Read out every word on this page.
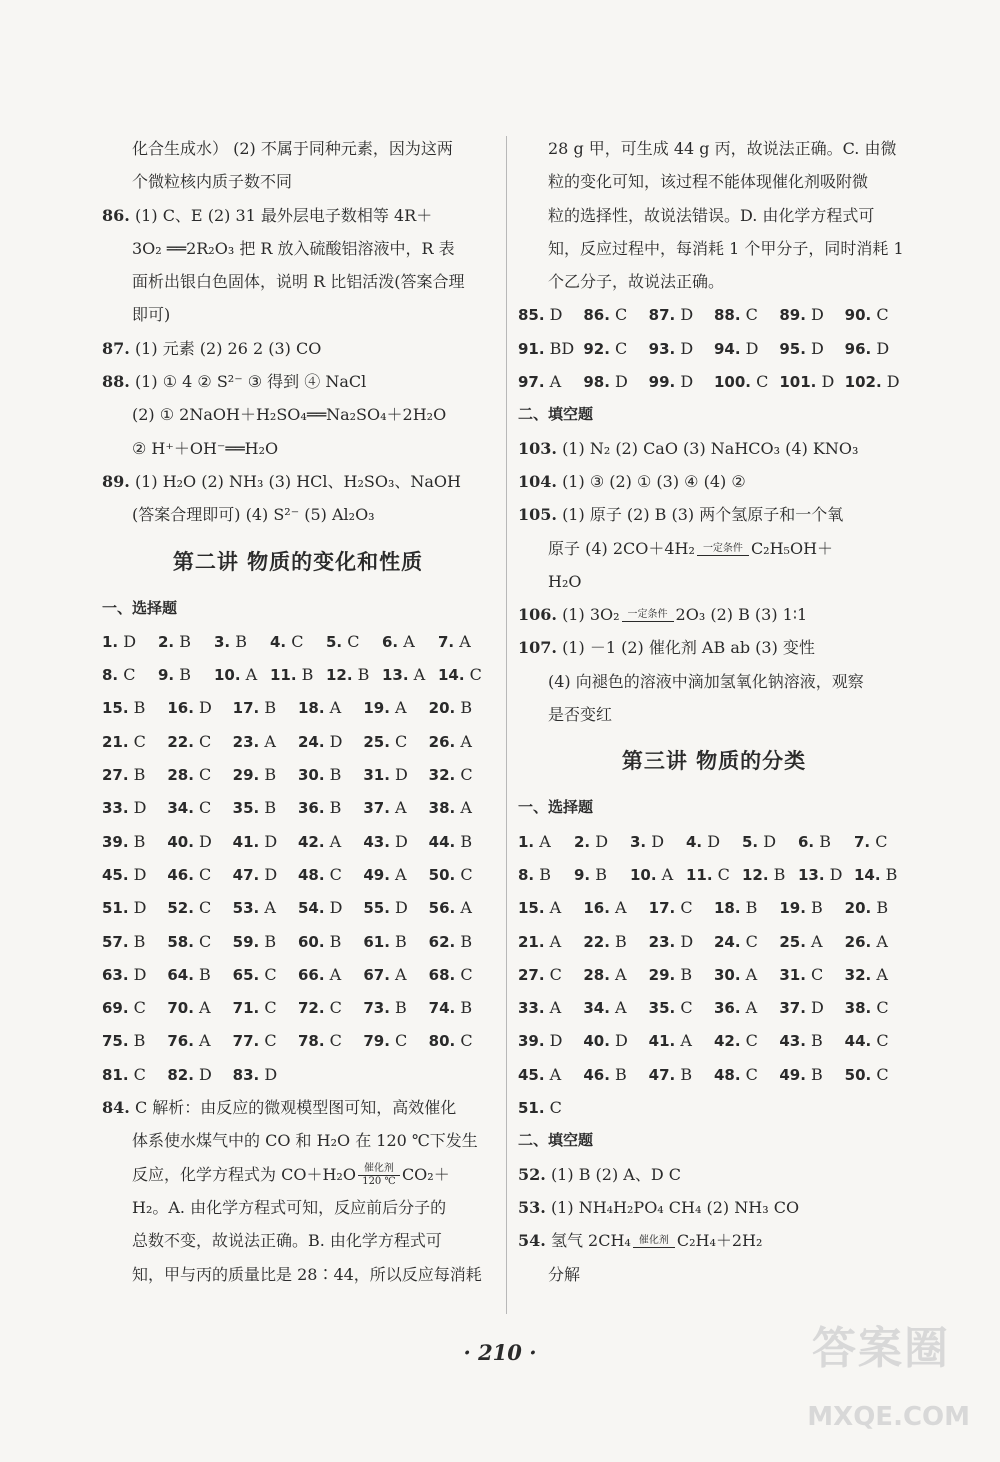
化合生成水） (2) 不属于同种元素，因为这两
个微粒核内质子数不同
86. (1) C、E (2) 31 最外层电子数相等 4R＋
3O₂ ══2R₂O₃ 把 R 放入硫酸铝溶液中，R 表
面析出银白色固体，说明 R 比铝活泼(答案合理
即可)
87. (1) 元素 (2) 26 2 (3) CO
88. (1) ① 4 ② S²⁻ ③ 得到 ④ NaCl
(2) ① 2NaOH＋H₂SO₄══Na₂SO₄＋2H₂O
② H⁺＋OH⁻══H₂O
89. (1) H₂O (2) NH₃ (3) HCl、H₂SO₃、NaOH
(答案合理即可) (4) S²⁻ (5) Al₂O₃
第二讲 物质的变化和性质
一、选择题
1. D	2. B	3. B	4. C	5. C	6. A	7. A
8. C	9. B	10. A 11. B 12. B 13. A 14. C
15. B	16. D	17. B	18. A	19. A	20. B
21. C	22. C	23. A	24. D	25. C	26. A
27. B	28. C	29. B	30. B	31. D	32. C
33. D	34. C	35. B	36. B	37. A	38. A
39. B	40. D	41. D	42. A	43. D	44. B
45. D	46. C	47. D	48. C	49. A	50. C
51. D	52. C	53. A	54. D	55. D	56. A
57. B	58. C	59. B	60. B	61. B	62. B
63. D	64. B	65. C	66. A	67. A	68. C
69. C	70. A	71. C	72. C	73. B	74. B
75. B	76. A	77. C	78. C	79. C	80. C
81. C	82. D	83. D
84. C 解析：由反应的微观模型图可知，高效催化
体系使水煤气中的 CO 和 H₂O 在 120 ℃下发生
反应，化学方程式为 CO＋H₂O 催化剂
120 ℃ CO₂＋
H₂。A. 由化学方程式可知，反应前后分子的
总数不变，故说法正确。B. 由化学方程式可
知，甲与丙的质量比是 28∶44，所以反应每消耗
28 g 甲，可生成 44 g 丙，故说法正确。C. 由微
粒的变化可知，该过程不能体现催化剂吸附微
粒的选择性，故说法错误。D. 由化学方程式可
知，反应过程中，每消耗 1 个甲分子，同时消耗 1
个乙分子，故说法正确。
85. D	86. C	87. D	88. C	89. D	90. C
91. BD 92. C	93. D	94. D	95. D	96. D
97. A	98. D	99. D	100. C 101. D 102. D
二、填空题
103. (1) N₂ (2) CaO (3) NaHCO₃ (4) KNO₃
104. (1) ③ (2) ① (3) ④ (4) ②
105. (1) 原子 (2) B (3) 两个氢原子和一个氧
原子 (4) 2CO＋4H₂ 一定条件 C₂H₅OH＋
H₂O
106. (1) 3O₂ 一定条件 2O₃ (2) B (3) 1∶1
107. (1) －1 (2) 催化剂 AB ab (3) 变性
(4) 向褪色的溶液中滴加氢氧化钠溶液，观察
是否变红
第三讲 物质的分类
一、选择题
1. A	2. D	3. D	4. D	5. D	6. B	7. C
8. B	9. B	10. A 11. C 12. B 13. D 14. B
15. A	16. A	17. C	18. B	19. B	20. B
21. A	22. B	23. D	24. C	25. A	26. A
27. C	28. A	29. B	30. A	31. C	32. A
33. A	34. A	35. C	36. A	37. D	38. C
39. D	40. D	41. A	42. C	43. B	44. C
45. A	46. B	47. B	48. C	49. B	50. C
51. C
二、填空题
52. (1) B (2) A、D C
53. (1) NH₄H₂PO₄ CH₄ (2) NH₃ CO
54. 氢气 2CH₄ 催化剂 C₂H₄＋2H₂
分解
· 210 ·	答案圈
MXQE.COM
